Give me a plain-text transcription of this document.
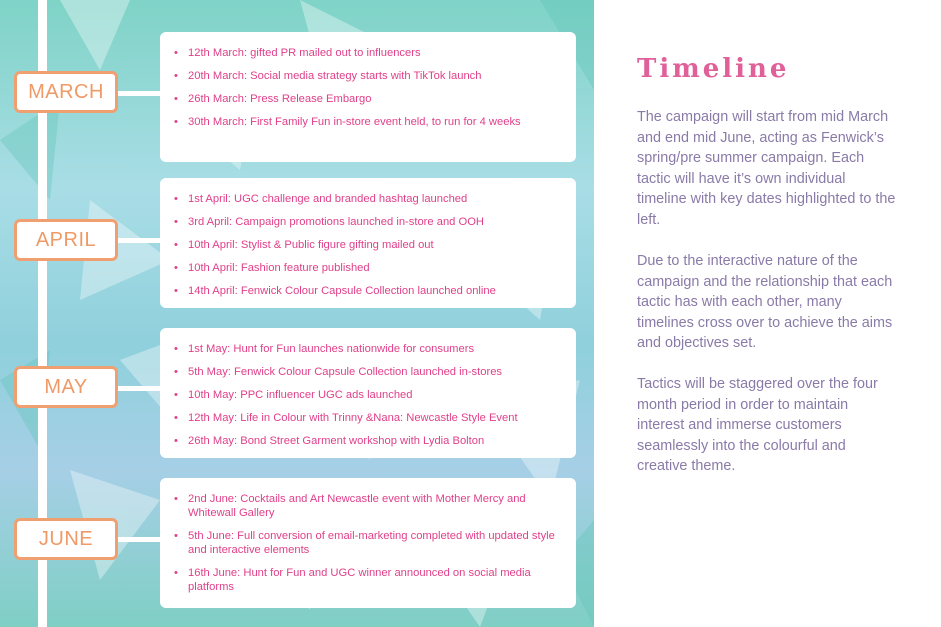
MARCH
APRIL
MAY
JUNE
• 12th March: gifted PR mailed out to influencers
• 20th March: Social media strategy starts with TikTok launch
• 26th March: Press Release Embargo
• 30th March: First Family Fun in-store event held, to run for 4 weeks
• 1st April: UGC challenge and branded hashtag launched
• 3rd April: Campaign promotions launched in-store and OOH
• 10th April: Stylist & Public figure gifting mailed out
• 10th April: Fashion feature published
• 14th April: Fenwick Colour Capsule Collection launched online
• 1st May: Hunt for Fun launches nationwide for consumers
• 5th May: Fenwick Colour Capsule Collection launched in-stores
• 10th May: PPC influencer UGC ads launched
• 12th May: Life in Colour with Trinny &Nana: Newcastle Style Event
• 26th May: Bond Street Garment workshop with Lydia Bolton
• 2nd June: Cocktails and Art Newcastle event with Mother Mercy and Whitewall Gallery
• 5th June: Full conversion of email-marketing completed with updated style and interactive elements
• 16th June: Hunt for Fun and UGC winner announced on social media platforms
Timeline

The campaign will start from mid March and end mid June, acting as Fenwick’s spring/pre summer campaign. Each tactic will have it’s own individual timeline with key dates highlighted to the left.

Due to the interactive nature of the campaign and the relationship that each tactic has with each other, many timelines cross over to achieve the aims and objectives set.

Tactics will be staggered over the four month period in order to maintain interest and immerse customers seamlessly into the colourful and creative theme.
